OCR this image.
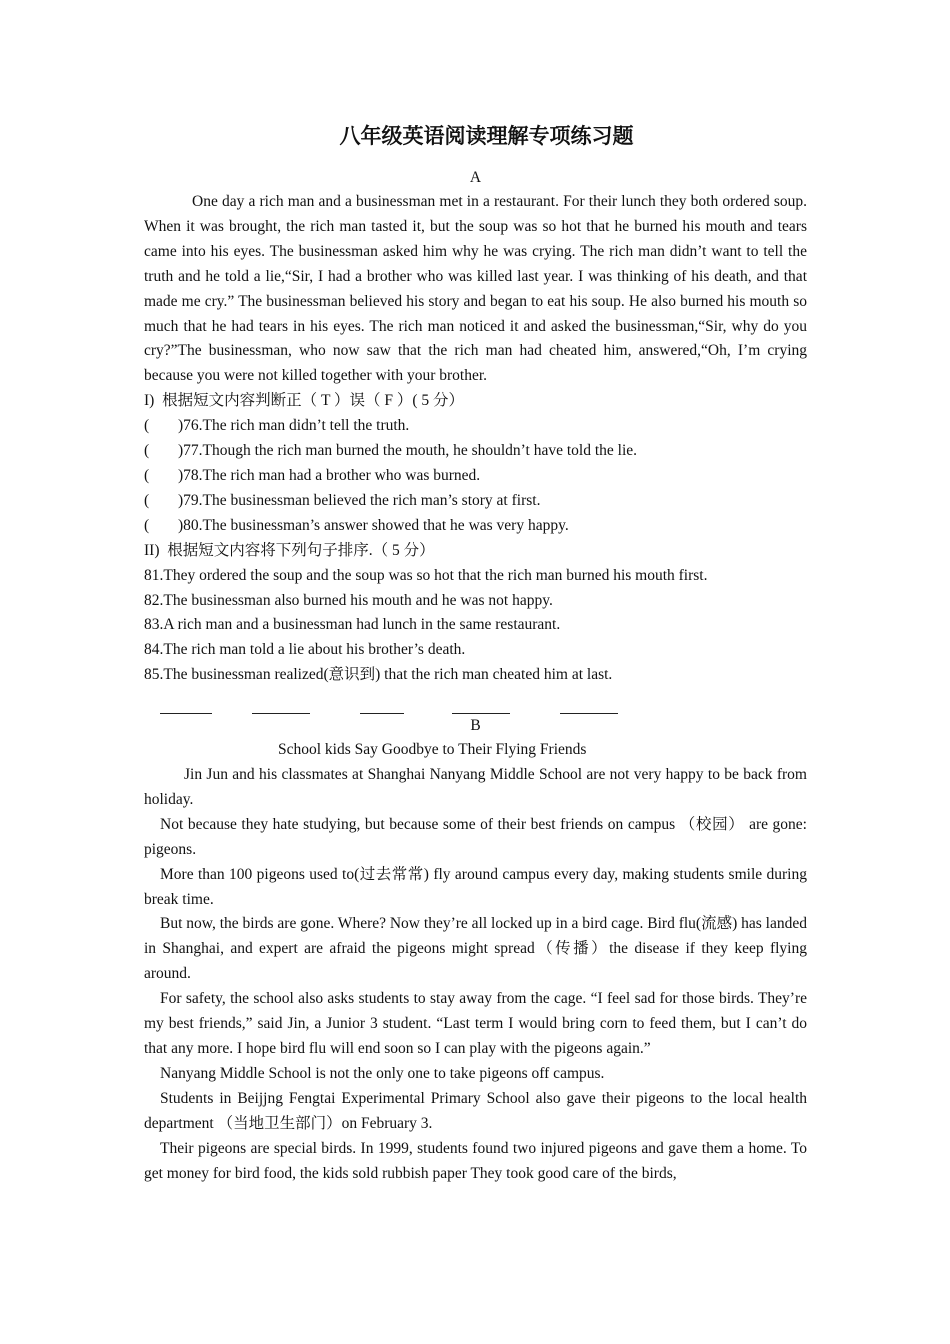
八年级英语阅读理解专项练习题
A

One day a rich man and a businessman met in a restaurant. For their lunch they both ordered soup. When it was brought, the rich man tasted it, but the soup was so hot that he burned his mouth and tears came into his eyes. The businessman asked him why he was crying. The rich man didn’t want to tell the truth and he told a lie,“Sir, I had a brother who was killed last year. I was thinking of his death, and that made me cry.” The businessman believed his story and began to eat his soup. He also burned his mouth so much that he had tears in his eyes. The rich man noticed it and asked the businessman,“Sir, why do you cry?”The businessman, who now saw that the rich man had cheated him, answered,“Oh, I’m crying because you were not killed together with your brother.

I)  根据短文内容判断正（ T ）误（ F ）( 5 分）
( )76.The rich man didn’t tell the truth.
( )77.Though the rich man burned the mouth, he shouldn’t have told the lie.
( )78.The rich man had a brother who was burned.
( )79.The businessman believed the rich man’s story at first.
( )80.The businessman’s answer showed that he was very happy.
II)  根据短文内容将下列句子排序.（ 5 分）
81.They ordered the soup and the soup was so hot that the rich man burned his mouth first.
82.The businessman also burned his mouth and he was not happy.
83.A rich man and a businessman had lunch in the same restaurant.
84.The rich man told a lie about his brother’s death.
85.The businessman realized(意识到) that the rich man cheated him at last.
B
School kids Say Goodbye to Their Flying Friends

Jin Jun and his classmates at Shanghai Nanyang Middle School are not very happy to be back from holiday.

Not because they hate studying, but because some of their best friends on campus （校园） are gone: pigeons.

More than 100 pigeons used to(过去常常) fly around campus every day, making students smile during break time.

But now, the birds are gone. Where? Now they’re all locked up in a bird cage. Bird flu(流感) has landed in Shanghai, and expert are afraid the pigeons might spread（传播）the disease if they keep flying around.

For safety, the school also asks students to stay away from the cage. “I feel sad for those birds. They’re my best friends,” said Jin, a Junior 3 student. “Last term I would bring corn to feed them, but I can’t do that any more. I hope bird flu will end soon so I can play with the pigeons again.”

Nanyang Middle School is not the only one to take pigeons off campus.

Students in Beijjng Fengtai Experimental Primary School also gave their pigeons to the local health department （当地卫生部门）on February 3.

Their pigeons are special birds. In 1999, students found two injured pigeons and gave them a home. To get money for bird food, the kids sold rubbish paper They took good care of the birds,
